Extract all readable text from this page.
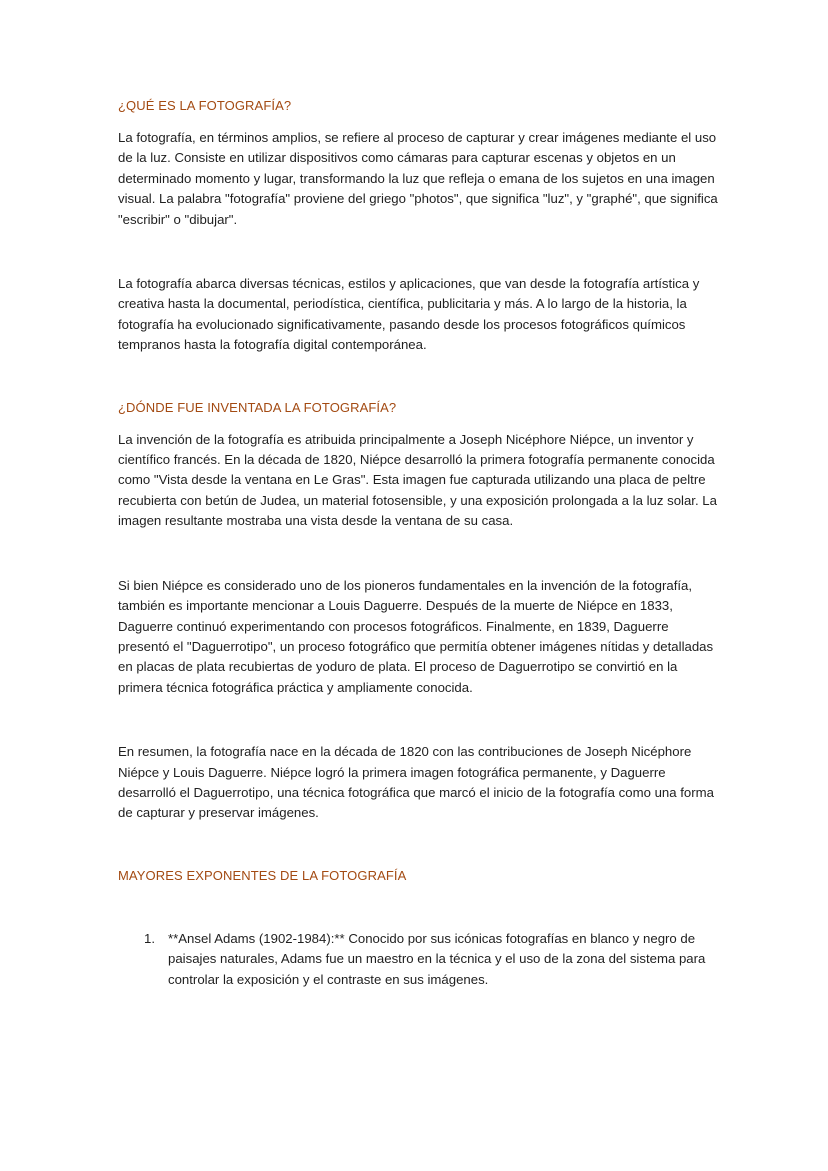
¿QUÉ ES LA FOTOGRAFÍA?

La fotografía, en términos amplios, se refiere al proceso de capturar y crear imágenes mediante el uso de la luz. Consiste en utilizar dispositivos como cámaras para capturar escenas y objetos en un determinado momento y lugar, transformando la luz que refleja o emana de los sujetos en una imagen visual. La palabra "fotografía" proviene del griego "photos", que significa "luz", y "graphé", que significa "escribir" o "dibujar".

La fotografía abarca diversas técnicas, estilos y aplicaciones, que van desde la fotografía artística y creativa hasta la documental, periodística, científica, publicitaria y más. A lo largo de la historia, la fotografía ha evolucionado significativamente, pasando desde los procesos fotográficos químicos tempranos hasta la fotografía digital contemporánea.

¿DÓNDE FUE INVENTADA LA FOTOGRAFÍA?

La invención de la fotografía es atribuida principalmente a Joseph Nicéphore Niépce, un inventor y científico francés. En la década de 1820, Niépce desarrolló la primera fotografía permanente conocida como "Vista desde la ventana en Le Gras". Esta imagen fue capturada utilizando una placa de peltre recubierta con betún de Judea, un material fotosensible, y una exposición prolongada a la luz solar. La imagen resultante mostraba una vista desde la ventana de su casa.

Si bien Niépce es considerado uno de los pioneros fundamentales en la invención de la fotografía, también es importante mencionar a Louis Daguerre. Después de la muerte de Niépce en 1833, Daguerre continuó experimentando con procesos fotográficos. Finalmente, en 1839, Daguerre presentó el "Daguerrotipo", un proceso fotográfico que permitía obtener imágenes nítidas y detalladas en placas de plata recubiertas de yoduro de plata. El proceso de Daguerrotipo se convirtió en la primera técnica fotográfica práctica y ampliamente conocida.

En resumen, la fotografía nace en la década de 1820 con las contribuciones de Joseph Nicéphore Niépce y Louis Daguerre. Niépce logró la primera imagen fotográfica permanente, y Daguerre desarrolló el Daguerrotipo, una técnica fotográfica que marcó el inicio de la fotografía como una forma de capturar y preservar imágenes.

MAYORES EXPONENTES DE LA FOTOGRAFÍA
1. **Ansel Adams (1902-1984):** Conocido por sus icónicas fotografías en blanco y negro de paisajes naturales, Adams fue un maestro en la técnica y el uso de la zona del sistema para controlar la exposición y el contraste en sus imágenes.
